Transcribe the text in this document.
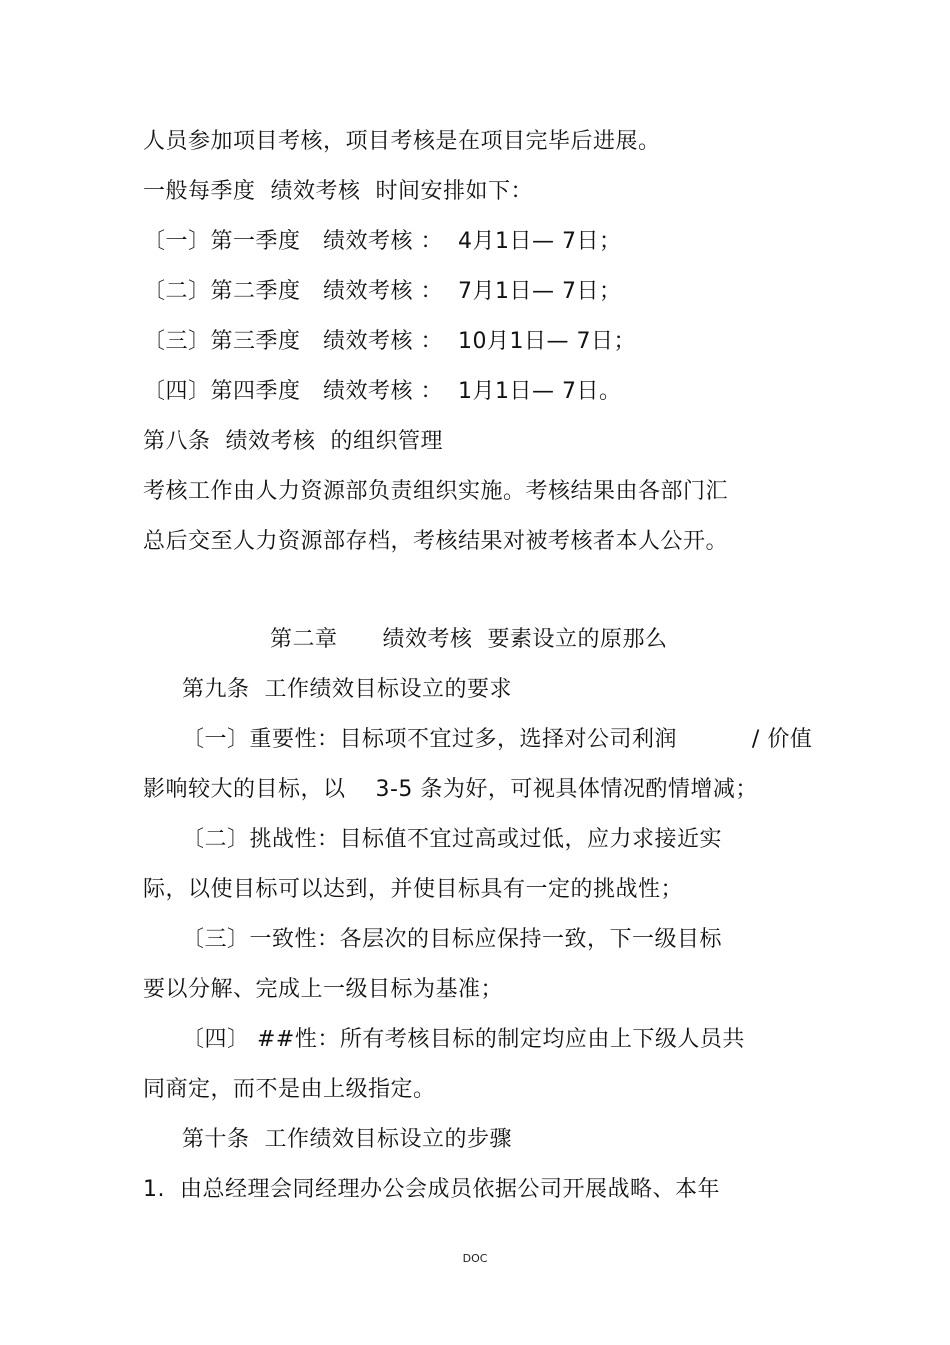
人员参加项目考核，项目考核是在项目完毕后进展。
一般每季度  绩效考核  时间安排如下：
〔一〕第一季度   绩效考核 ：  4月1日— 7日；
〔二〕第二季度   绩效考核 ：  7月1日— 7日；
〔三〕第三季度   绩效考核 ：  10月1日— 7日；
〔四〕第四季度   绩效考核 ：  1月1日— 7日。
第八条  绩效考核  的组织管理
考核工作由人力资源部负责组织实施。考核结果由各部门汇
总后交至人力资源部存档，考核结果对被考核者本人公开。
第二章      绩效考核  要素设立的原那么
第九条  工作绩效目标设立的要求
〔一〕重要性：目标项不宜过多，选择对公司利润          / 价值
影响较大的目标，以    3-5 条为好，可视具体情况酌情增减；
〔二〕挑战性：目标值不宜过高或过低，应力求接近实
际，以使目标可以达到，并使目标具有一定的挑战性；
〔三〕一致性：各层次的目标应保持一致，下一级目标
要以分解、完成上一级目标为基准；
〔四〕 ##性：所有考核目标的制定均应由上下级人员共
同商定，而不是由上级指定。
第十条  工作绩效目标设立的步骤
1.  由总经理会同经理办公会成员依据公司开展战略、本年
DOC
